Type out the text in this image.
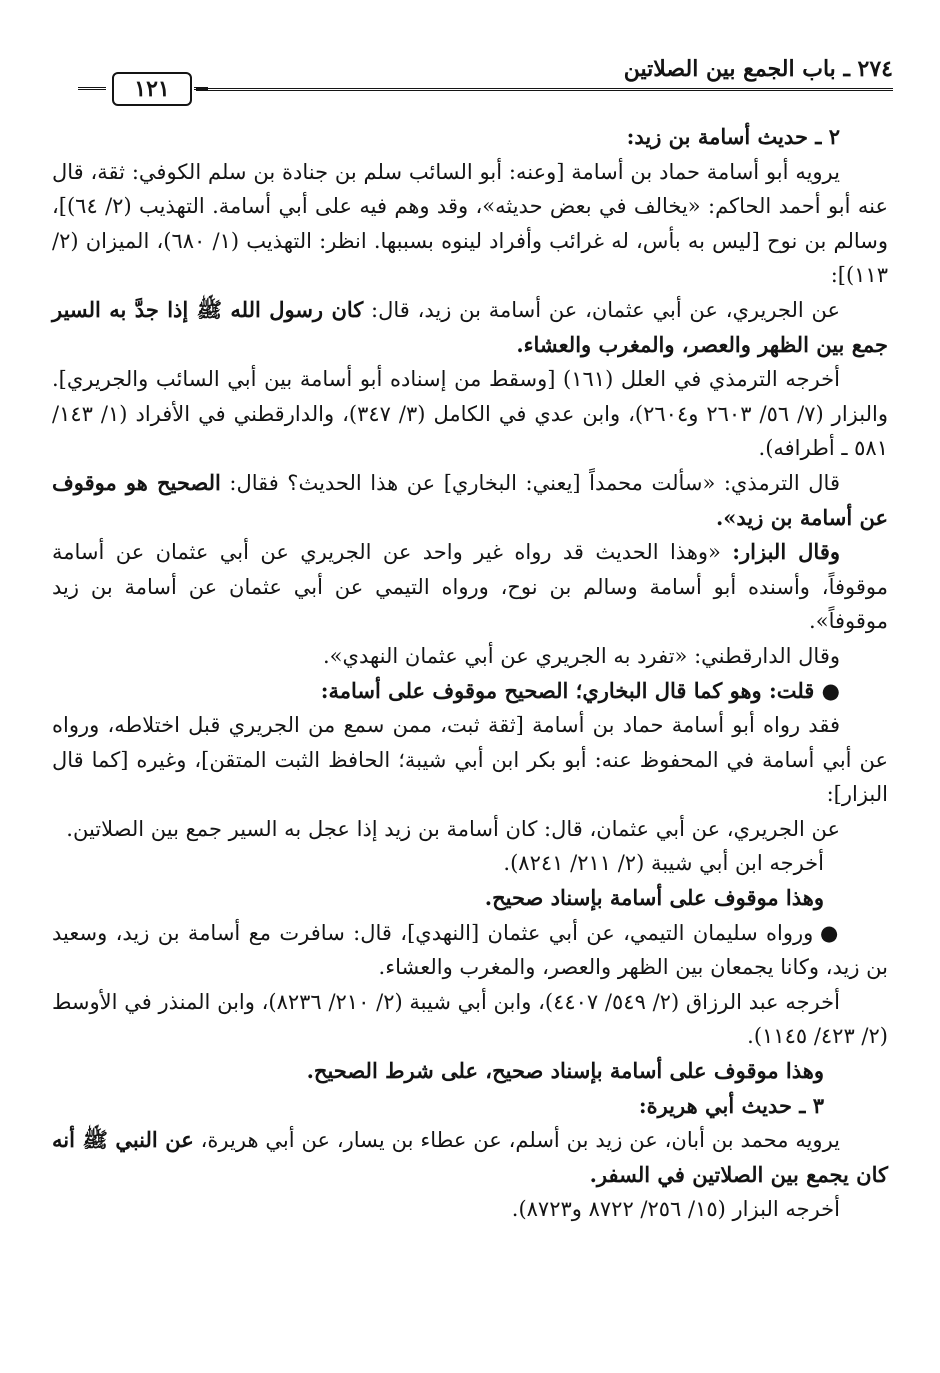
٢٧٤ ـ باب الجمع بين الصلاتين
١٢١

٢ ـ حديث أسامة بن زيد:

يرويه أبو أسامة حماد بن أسامة [وعنه: أبو السائب سلم بن جنادة بن سلم الكوفي: ثقة، قال عنه أبو أحمد الحاكم: «يخالف في بعض حديثه»، وقد وهم فيه على أبي أسامة. التهذيب (٢/ ٦٤)]، وسالم بن نوح [ليس به بأس، له غرائب وأفراد لينوه بسببها. انظر: التهذيب (١/ ٦٨٠)، الميزان (٢/ ١١٣)]:

عن الجريري، عن أبي عثمان، عن أسامة بن زيد، قال: كان رسول الله ﷺ إذا جدَّ به السير جمع بين الظهر والعصر، والمغرب والعشاء.

أخرجه الترمذي في العلل (١٦١) [وسقط من إسناده أبو أسامة بين أبي السائب والجريري]. والبزار (٧/ ٥٦/ ٢٦٠٣ و٢٦٠٤)، وابن عدي في الكامل (٣/ ٣٤٧)، والدارقطني في الأفراد (١/ ١٤٣/ ٥٨١ ـ أطرافه).

قال الترمذي: «سألت محمداً [يعني: البخاري] عن هذا الحديث؟ فقال: الصحيح هو موقوف عن أسامة بن زيد».

وقال البزار: «وهذا الحديث قد رواه غير واحد عن الجريري عن أبي عثمان عن أسامة موقوفاً، وأسنده أبو أسامة وسالم بن نوح، ورواه التيمي عن أبي عثمان عن أسامة بن زيد موقوفاً».

وقال الدارقطني: «تفرد به الجريري عن أبي عثمان النهدي».

● قلت: وهو كما قال البخاري؛ الصحيح موقوف على أسامة:

فقد رواه أبو أسامة حماد بن أسامة [ثقة ثبت، ممن سمع من الجريري قبل اختلاطه، ورواه عن أبي أسامة في المحفوظ عنه: أبو بكر ابن أبي شيبة؛ الحافظ الثبت المتقن]، وغيره [كما قال البزار]:

عن الجريري، عن أبي عثمان، قال: كان أسامة بن زيد إذا عجل به السير جمع بين الصلاتين.

أخرجه ابن أبي شيبة (٢/ ٢١١/ ٨٢٤١).

وهذا موقوف على أسامة بإسناد صحيح.

● ورواه سليمان التيمي، عن أبي عثمان [النهدي]، قال: سافرت مع أسامة بن زيد، وسعيد بن زيد، وكانا يجمعان بين الظهر والعصر، والمغرب والعشاء.

أخرجه عبد الرزاق (٢/ ٥٤٩/ ٤٤٠٧)، وابن أبي شيبة (٢/ ٢١٠/ ٨٢٣٦)، وابن المنذر في الأوسط (٢/ ٤٢٣/ ١١٤٥).

وهذا موقوف على أسامة بإسناد صحيح، على شرط الصحيح.

٣ ـ حديث أبي هريرة:

يرويه محمد بن أبان، عن زيد بن أسلم، عن عطاء بن يسار، عن أبي هريرة، عن النبي ﷺ أنه كان يجمع بين الصلاتين في السفر.

أخرجه البزار (١٥/ ٢٥٦/ ٨٧٢٢ و٨٧٢٣).
